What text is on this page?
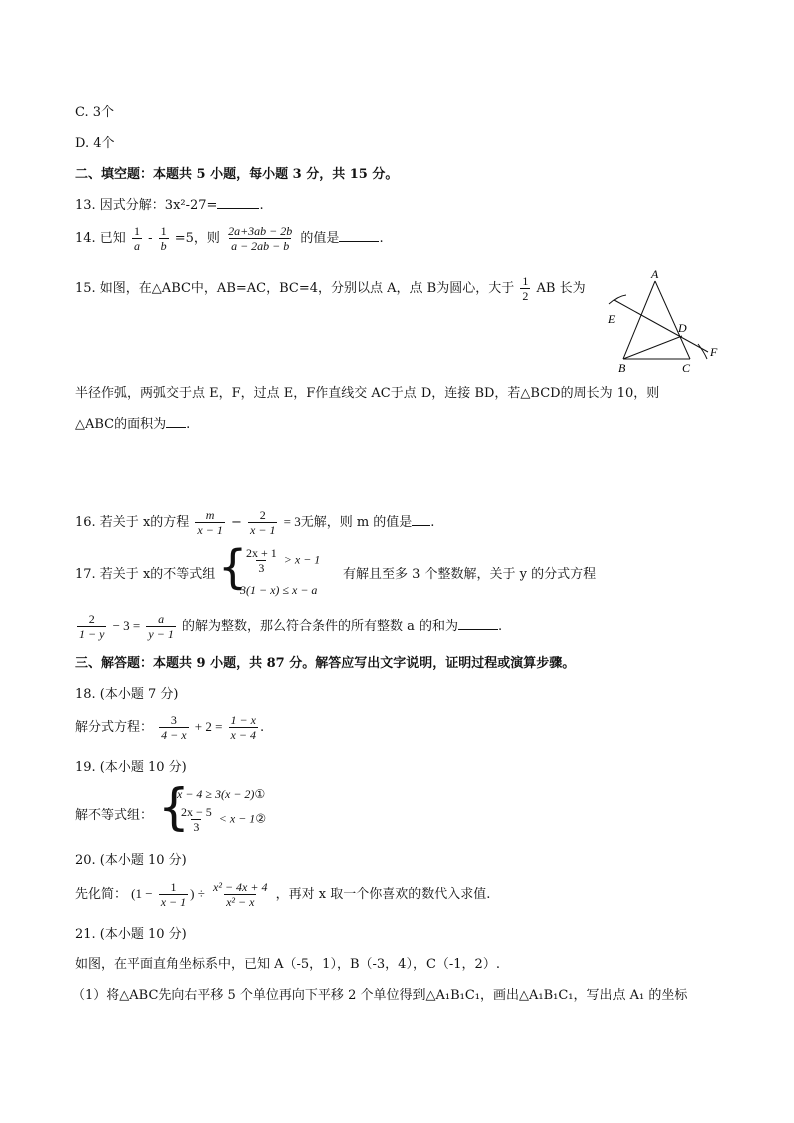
C. 3个
D. 4个
二、填空题：本题共 5 小题，每小题 3 分，共 15 分。
13. 因式分解：3x²-27=	.
14. 已知 $\frac{1}{a} - \frac{1}{b} =5$，则 $\frac{2a+3ab - 2b}{a - 2ab - b}$ 的值是	.
15. 如图，在△ABC中，AB=AC，BC=4，分别以点 A，点 B为圆心，大于 $\frac{1}{2}$ AB 长为
A
E
D
F
B	C
半径作弧，两弧交于点 E，F，过点 E，F作直线交 AC于点 D，连接 BD，若△BCD的周长为 10，则
△ABC的面积为 .
16. 若关于 x的方程 $\frac{m}{x - 1} - \frac{2}{x - 1} = 3$无解，则 m 的值是 .
17. 若关于 x的不等式组 {
$\frac{2x + 1}{3} > x - 1$
3(1 − x) ≤ x − a
有解且至多 3 个整数解，关于 y 的分式方程
$\frac{2}{1 - y} - 3 = \frac{a}{y - 1}$ 的解为整数，那么符合条件的所有整数 a 的和为	.
三、解答题：本题共 9 小题，共 87 分。解答应写出文字说明，证明过程或演算步骤。
18. (本小题 7 分)
解分式方程： $\frac{3}{4 - x} + 2 = \frac{1 - x}{x - 4}$ .
19. (本小题 10 分)
解不等式组： {
x − 4 ≥ 3(x − 2)①
$\frac{2x - 5}{3} < x$ − 1②
20. (本小题 10 分)
先化简： ($1 - \frac{1}{x - 1}$ ) ÷ $\frac{\text{x² − 4x + 4}}{\text{x² − x}}$ ，再对 x 取一个你喜欢的数代入求值.
21. (本小题 10 分)
如图，在平面直角坐标系中，已知 A（-5，1），B（-3，4），C（-1，2）.
（1）将△ABC先向右平移 5 个单位再向下平移 2 个单位得到△A₁B₁C₁，画出△A₁B₁C₁，写出点 A₁ 的坐标
